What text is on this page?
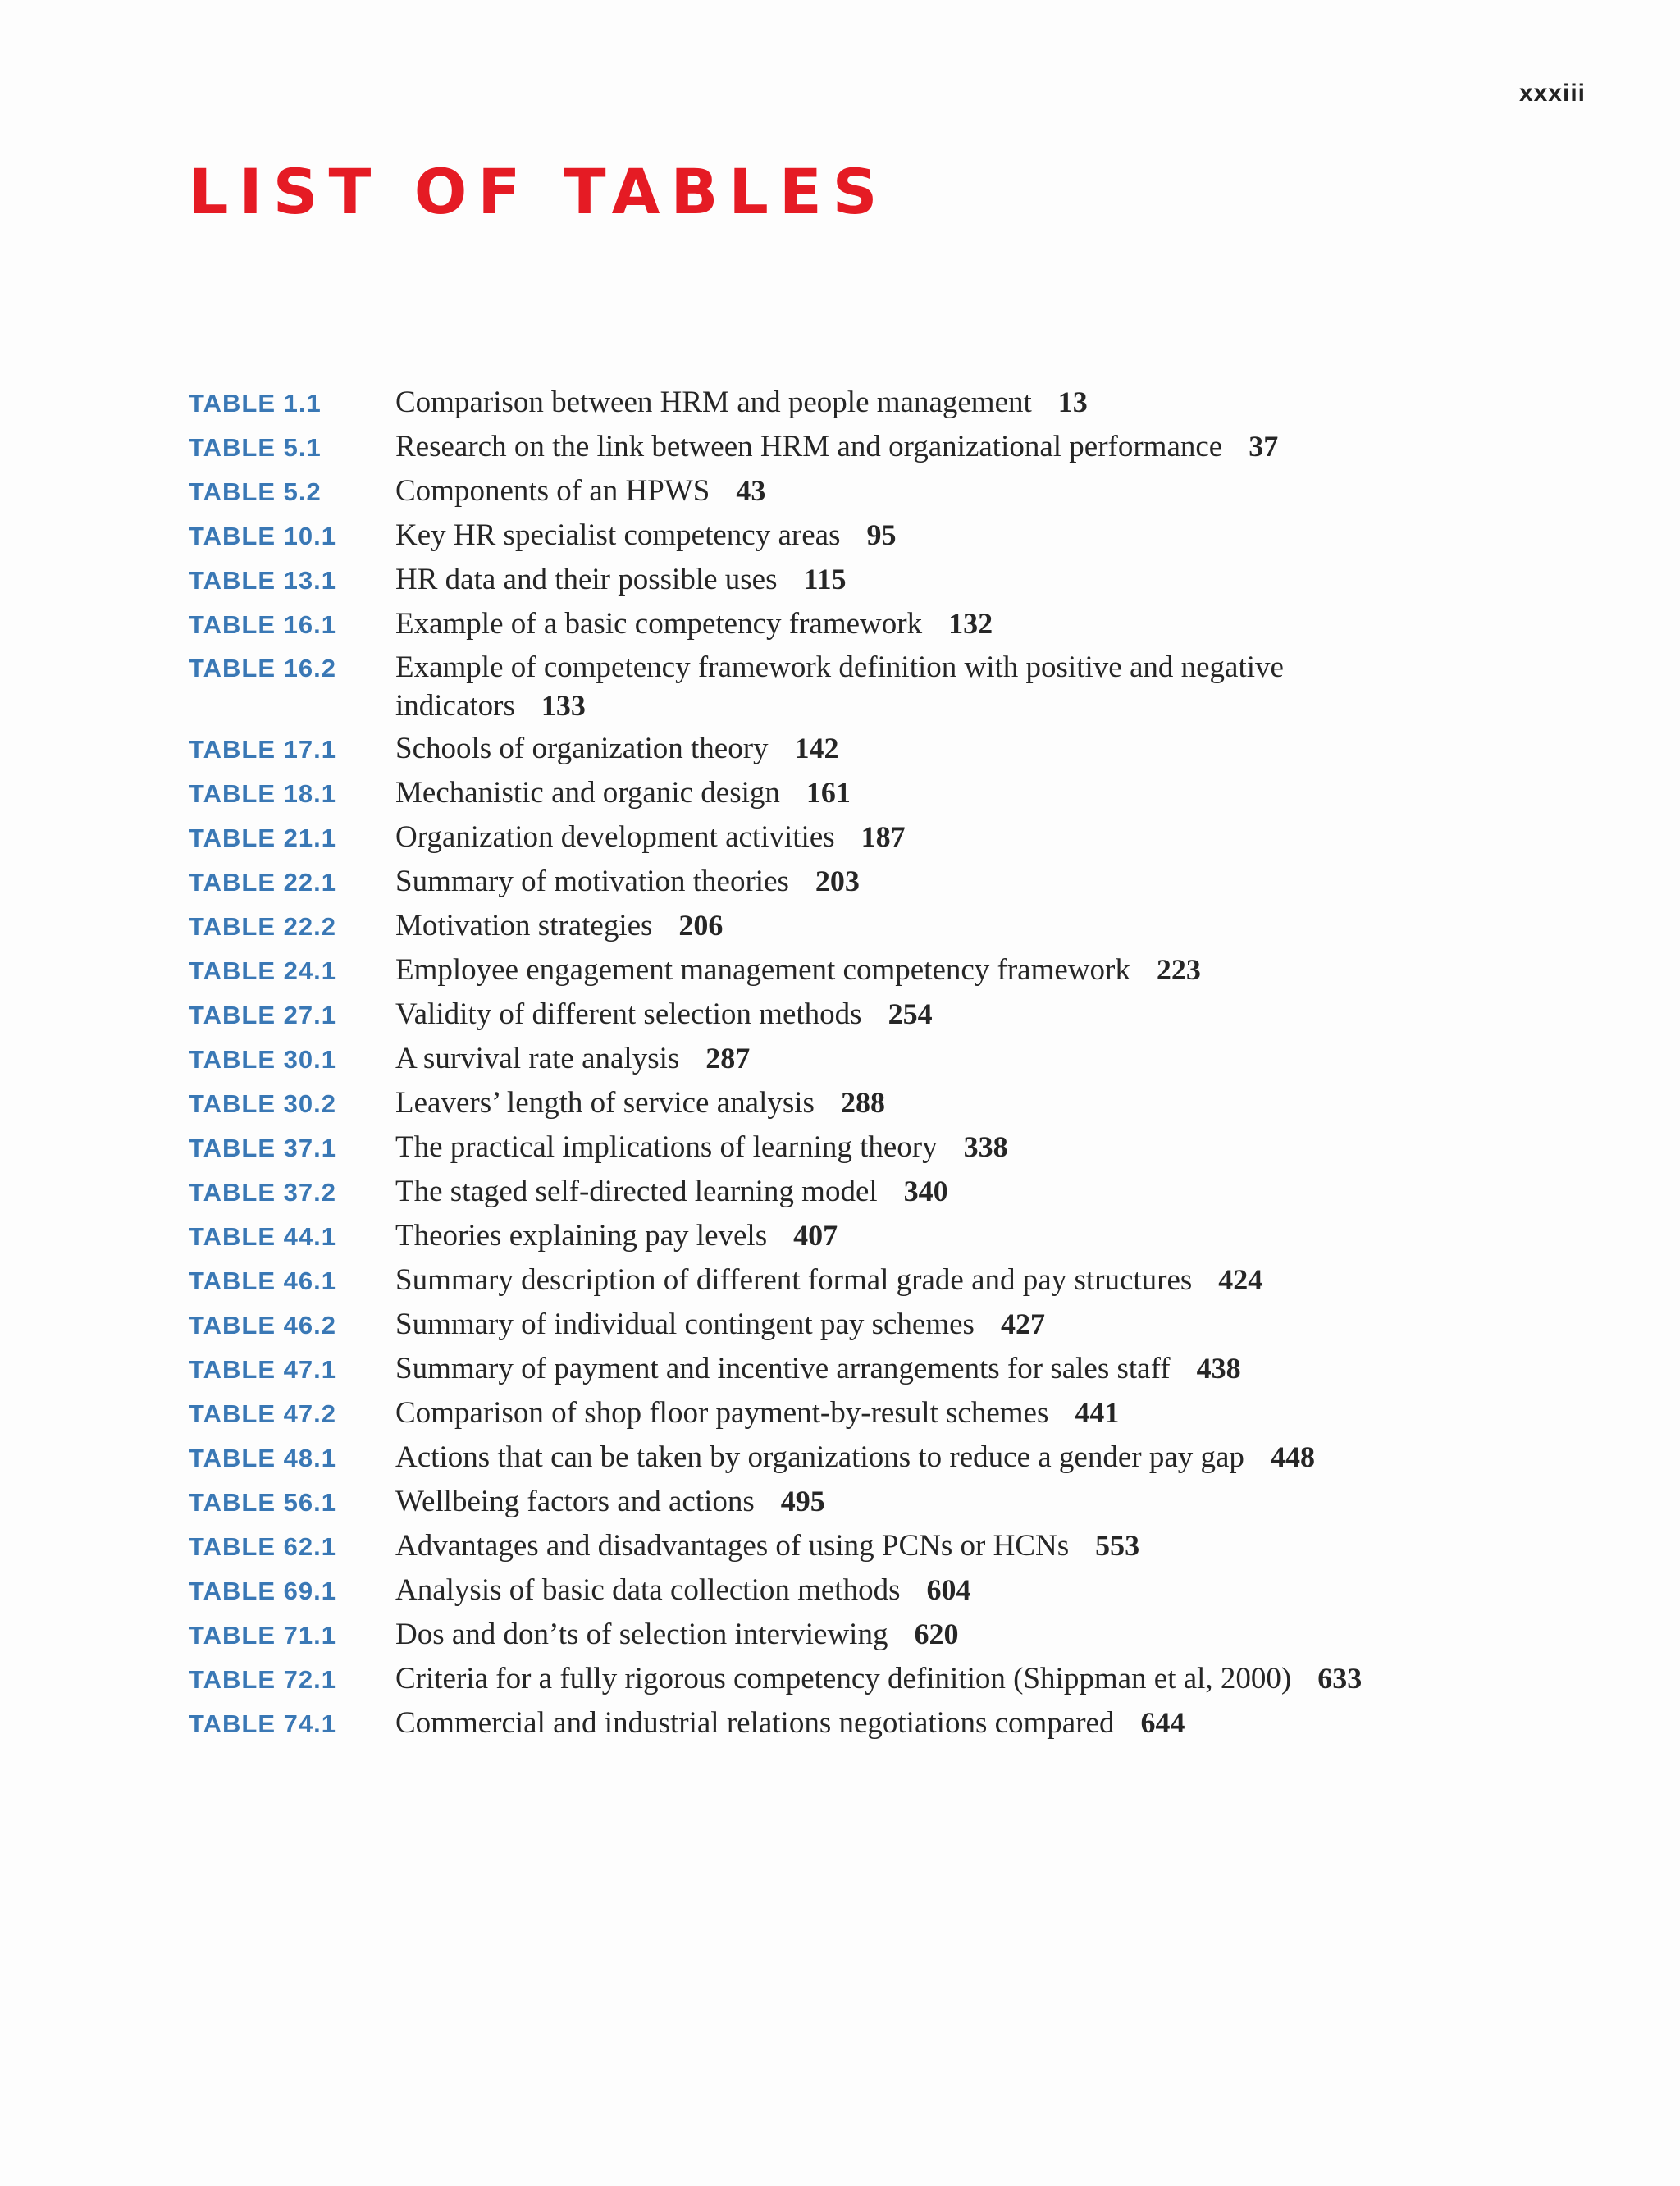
xxxiii
LIST OF TABLES
TABLE 1.1	Comparison between HRM and people management 13
TABLE 5.1	Research on the link between HRM and organizational performance 37
TABLE 5.2	Components of an HPWS 43
TABLE 10.1	Key HR specialist competency areas 95
TABLE 13.1	HR data and their possible uses 115
TABLE 16.1	Example of a basic competency framework 132
TABLE 16.2	Example of competency framework definition with positive and negative indicators 133
TABLE 17.1	Schools of organization theory 142
TABLE 18.1	Mechanistic and organic design 161
TABLE 21.1	Organization development activities 187
TABLE 22.1	Summary of motivation theories 203
TABLE 22.2	Motivation strategies 206
TABLE 24.1	Employee engagement management competency framework 223
TABLE 27.1	Validity of different selection methods 254
TABLE 30.1	A survival rate analysis 287
TABLE 30.2	Leavers’ length of service analysis 288
TABLE 37.1	The practical implications of learning theory 338
TABLE 37.2	The staged self-directed learning model 340
TABLE 44.1	Theories explaining pay levels 407
TABLE 46.1	Summary description of different formal grade and pay structures 424
TABLE 46.2	Summary of individual contingent pay schemes 427
TABLE 47.1	Summary of payment and incentive arrangements for sales staff 438
TABLE 47.2	Comparison of shop floor payment-by-result schemes 441
TABLE 48.1	Actions that can be taken by organizations to reduce a gender pay gap 448
TABLE 56.1	Wellbeing factors and actions 495
TABLE 62.1	Advantages and disadvantages of using PCNs or HCNs 553
TABLE 69.1	Analysis of basic data collection methods 604
TABLE 71.1	Dos and don’ts of selection interviewing 620
TABLE 72.1	Criteria for a fully rigorous competency definition (Shippman et al, 2000) 633
TABLE 74.1	Commercial and industrial relations negotiations compared 644
